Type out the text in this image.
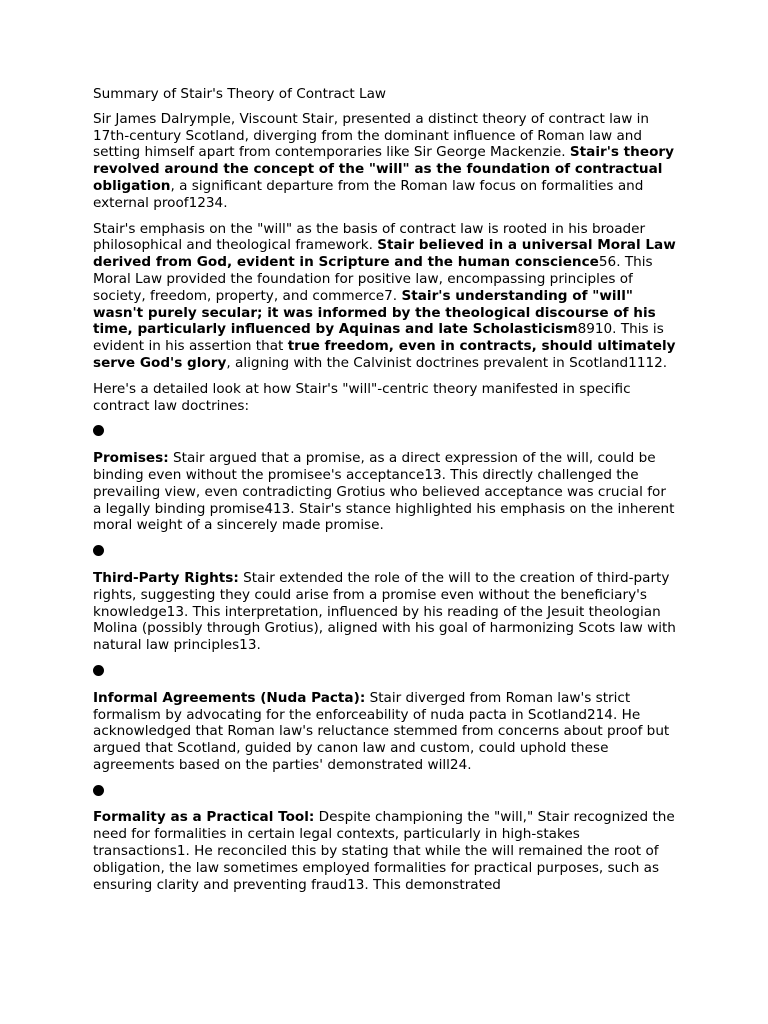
Summary of Stair's Theory of Contract Law

Sir James Dalrymple, Viscount Stair, presented a distinct theory of contract law in 17th-century Scotland, diverging from the dominant influence of Roman law and setting himself apart from contemporaries like Sir George Mackenzie. Stair's theory revolved around the concept of the "will" as the foundation of contractual obligation, a significant departure from the Roman law focus on formalities and external proof1234.

Stair's emphasis on the "will" as the basis of contract law is rooted in his broader philosophical and theological framework. Stair believed in a universal Moral Law derived from God, evident in Scripture and the human conscience56. This Moral Law provided the foundation for positive law, encompassing principles of society, freedom, property, and commerce7. Stair's understanding of "will" wasn't purely secular; it was informed by the theological discourse of his time, particularly influenced by Aquinas and late Scholasticism8910. This is evident in his assertion that true freedom, even in contracts, should ultimately serve God's glory, aligning with the Calvinist doctrines prevalent in Scotland1112.

Here's a detailed look at how Stair's "will"-centric theory manifested in specific contract law doctrines:

Promises: Stair argued that a promise, as a direct expression of the will, could be binding even without the promisee's acceptance13. This directly challenged the prevailing view, even contradicting Grotius who believed acceptance was crucial for a legally binding promise413. Stair's stance highlighted his emphasis on the inherent moral weight of a sincerely made promise.

Third-Party Rights: Stair extended the role of the will to the creation of third-party rights, suggesting they could arise from a promise even without the beneficiary's knowledge13. This interpretation, influenced by his reading of the Jesuit theologian Molina (possibly through Grotius), aligned with his goal of harmonizing Scots law with natural law principles13.

Informal Agreements (Nuda Pacta): Stair diverged from Roman law's strict formalism by advocating for the enforceability of nuda pacta in Scotland214. He acknowledged that Roman law's reluctance stemmed from concerns about proof but argued that Scotland, guided by canon law and custom, could uphold these agreements based on the parties' demonstrated will24.

Formality as a Practical Tool: Despite championing the "will," Stair recognized the need for formalities in certain legal contexts, particularly in high-stakes transactions1. He reconciled this by stating that while the will remained the root of obligation, the law sometimes employed formalities for practical purposes, such as ensuring clarity and preventing fraud13. This demonstrated
